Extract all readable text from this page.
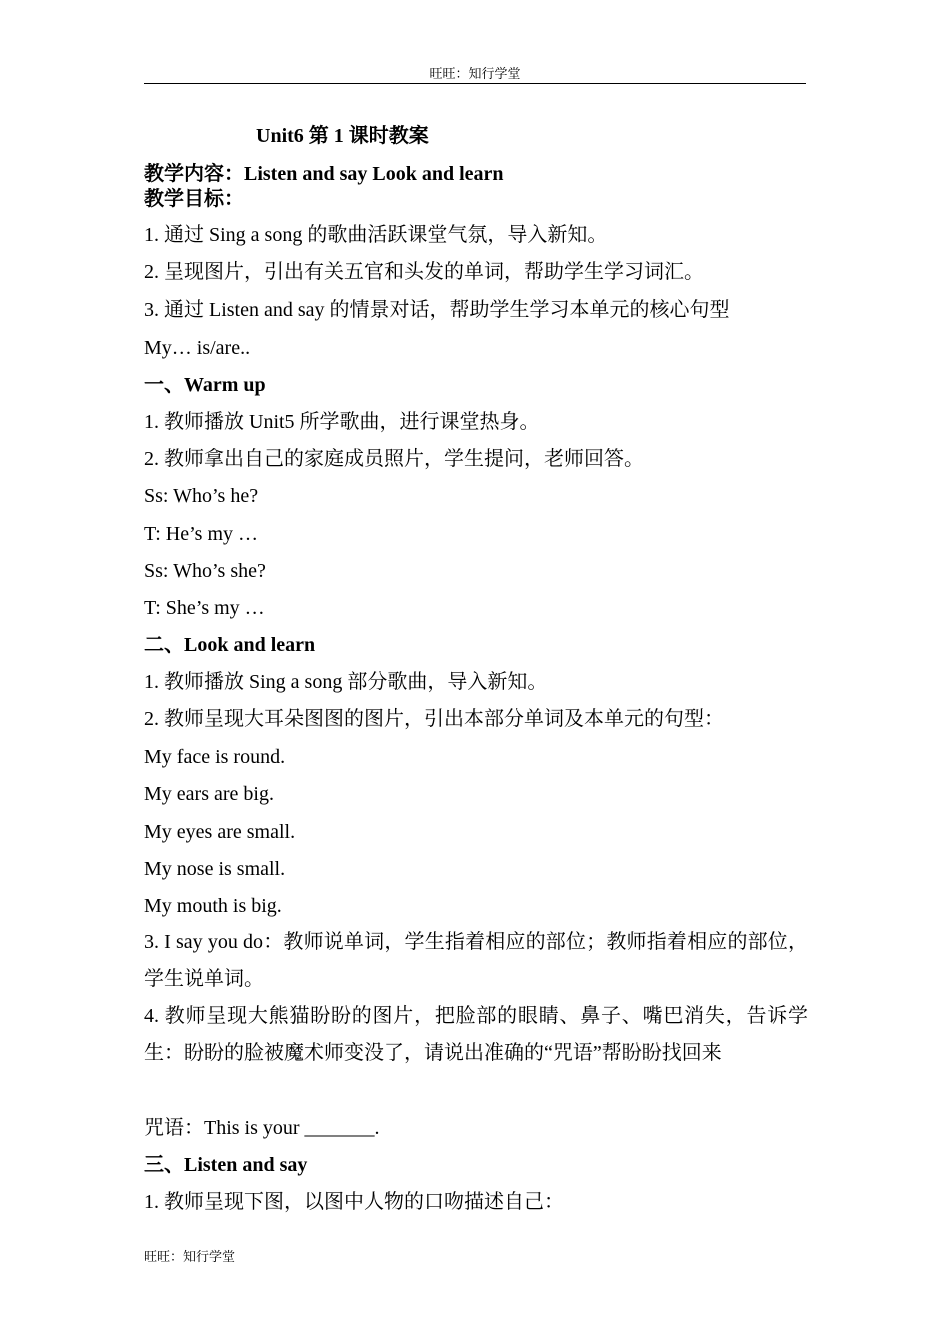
旺旺：知行学堂
Unit6 第 1 课时教案
教学内容：Listen and say Look and learn
教学目标：
1. 通过 Sing a song 的歌曲活跃课堂气氛，导入新知。
2. 呈现图片，引出有关五官和头发的单词，帮助学生学习词汇。
3. 通过 Listen and say 的情景对话，帮助学生学习本单元的核心句型
My… is/are..
一、Warm up
1. 教师播放 Unit5 所学歌曲，进行课堂热身。
2. 教师拿出自己的家庭成员照片，学生提问，老师回答。
Ss: Who’s he?
T: He’s my …
Ss: Who’s she?
T: She’s my …
二、Look and learn
1. 教师播放 Sing a song 部分歌曲，导入新知。
2. 教师呈现大耳朵图图的图片，引出本部分单词及本单元的句型：
My face is round.
My ears are big.
My eyes are small.
My nose is small.
My mouth is big.
3. I say you do：教师说单词，学生指着相应的部位；教师指着相应的部位，学生说单词。
4. 教师呈现大熊猫盼盼的图片，把脸部的眼睛、鼻子、嘴巴消失，告诉学生：盼盼的脸被魔术师变没了，请说出准确的“咒语”帮盼盼找回来
咒语：This is your _______.
三、Listen and say
1. 教师呈现下图，以图中人物的口吻描述自己：
旺旺：知行学堂
